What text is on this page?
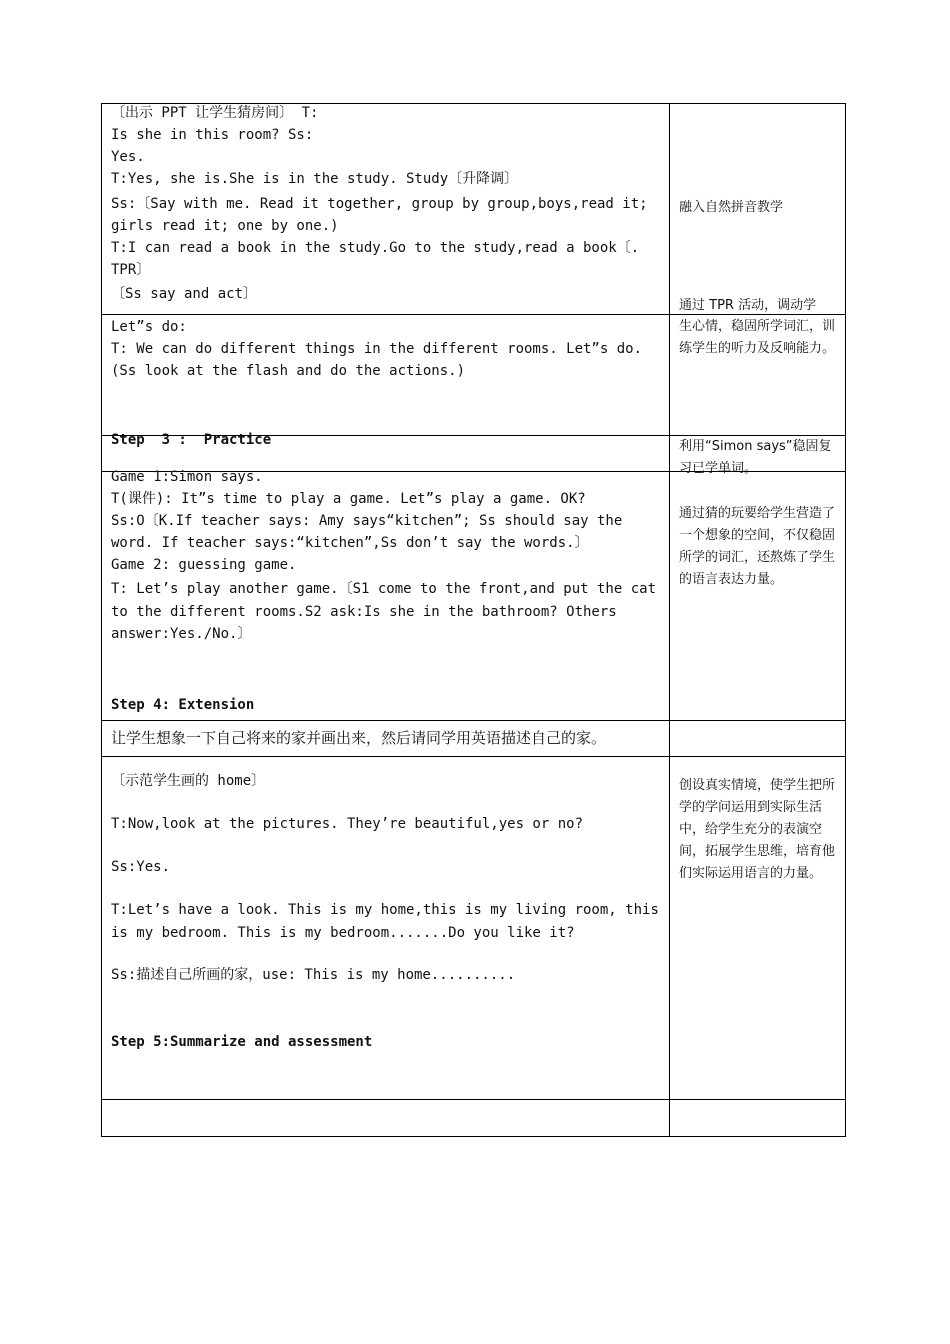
〔出示 PPT 让学生猜房间〕 T:
Is she in this room? Ss:
Yes.
T:Yes, she is.She is in the study. Study〔升降调〕
Ss:〔Say with me. Read it together, group by group,boys,read it;
girls read it; one by one.)
T:I can read a book in the study.Go to the study,read a book〔.
TPR〕
〔Ss say and act〕
融入自然拼音教学
通过 TPR 活动，调动学
Let”s do:
T: We can do different things in the different rooms. Let”s do.
(Ss look at the flash and do the actions.)
生心情，稳固所学词汇，训练学生的听力及反响能力。
Step  3 :  Practice	利用“Simon says”稳固复习已学单词。
Game 1:Simon says.
T(课件): It”s time to play a game. Let”s play a game. OK?
Ss:O〔K.If teacher says: Amy says“kitchen”; Ss should say the
word. If teacher says:“kitchen”,Ss don’t say the words.〕
Game 2: guessing game.
T: Let’s play another game.〔S1 come to the front,and put the cat
to the different rooms.S2 ask:Is she in the bathroom? Others
answer:Yes./No.〕
Step 4: Extension
通过猜的玩要给学生营造了一个想象的空间，不仅稳固所学的词汇，还熬炼了学生的语言表达力量。
让学生想象一下自己将来的家并画出来，然后请同学用英语描述自己的家。
〔示范学生画的 home〕
T:Now,look at the pictures. They’re beautiful,yes or no?
Ss:Yes.
T:Let’s have a look. This is my home,this is my living room, this
is my bedroom. This is my bedroom.......Do you like it?
Ss:描述自己所画的家，use: This is my home..........
Step 5:Summarize and assessment
创设真实情境，使学生把所学的学问运用到实际生活中，给学生充分的表演空间，拓展学生思维，培育他们实际运用语言的力量。
